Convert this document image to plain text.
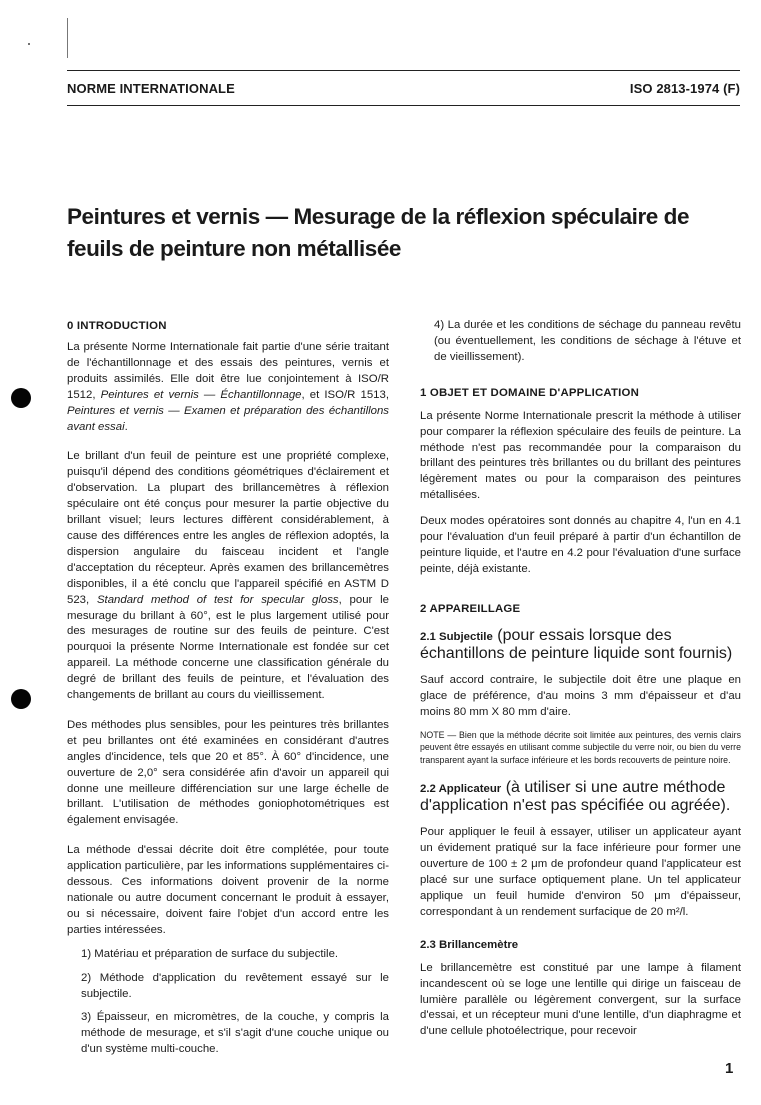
NORME INTERNATIONALE	ISO 2813-1974 (F)
Peintures et vernis — Mesurage de la réflexion spéculaire de feuils de peinture non métallisée
0 INTRODUCTION

La présente Norme Internationale fait partie d'une série traitant de l'échantillonnage et des essais des peintures, vernis et produits assimilés. Elle doit être lue conjointement à ISO/R 1512, Peintures et vernis — Échantillonnage, et ISO/R 1513, Peintures et vernis — Examen et préparation des échantillons avant essai.

Le brillant d'un feuil de peinture est une propriété complexe, puisqu'il dépend des conditions géométriques d'éclairement et d'observation. La plupart des brillancemètres à réflexion spéculaire ont été conçus pour mesurer la partie objective du brillant visuel; leurs lectures diffèrent considérablement, à cause des différences entre les angles de réflexion adoptés, la dispersion angulaire du faisceau incident et l'angle d'acceptation du récepteur. Après examen des brillancemètres disponibles, il a été conclu que l'appareil spécifié en ASTM D 523, Standard method of test for specular gloss, pour le mesurage du brillant à 60°, est le plus largement utilisé pour des mesurages de routine sur des feuils de peinture. C'est pourquoi la présente Norme Internationale est fondée sur cet appareil. La méthode concerne une classification générale du degré de brillant des feuils de peinture, et l'évaluation des changements de brillant au cours du vieillissement.

Des méthodes plus sensibles, pour les peintures très brillantes et peu brillantes ont été examinées en considérant d'autres angles d'incidence, tels que 20 et 85°. À 60° d'incidence, une ouverture de 2,0° sera considérée afin d'avoir un appareil qui donne une meilleure différenciation sur une large échelle de brillant. L'utilisation de méthodes goniophotométriques est également envisagée.

La méthode d'essai décrite doit être complétée, pour toute application particulière, par les informations supplémentaires ci-dessous. Ces informations doivent provenir de la norme nationale ou autre document concernant le produit à essayer, ou si nécessaire, doivent faire l'objet d'un accord entre les parties intéressées.

1) Matériau et préparation de surface du subjectile.

2) Méthode d'application du revêtement essayé sur le subjectile.

3) Épaisseur, en micromètres, de la couche, y compris la méthode de mesurage, et s'il s'agit d'une couche unique ou d'un système multi-couche.

4) La durée et les conditions de séchage du panneau revêtu (ou éventuellement, les conditions de séchage à l'étuve et de vieillissement).

1 OBJET ET DOMAINE D'APPLICATION

La présente Norme Internationale prescrit la méthode à utiliser pour comparer la réflexion spéculaire des feuils de peinture. La méthode n'est pas recommandée pour la comparaison du brillant des peintures très brillantes ou du brillant des peintures légèrement mates ou pour la comparaison des peintures métallisées.

Deux modes opératoires sont donnés au chapitre 4, l'un en 4.1 pour l'évaluation d'un feuil préparé à partir d'un échantillon de peinture liquide, et l'autre en 4.2 pour l'évaluation d'une surface peinte, déjà existante.

2 APPAREILLAGE

2.1 Subjectile (pour essais lorsque des échantillons de peinture liquide sont fournis)

Sauf accord contraire, le subjectile doit être une plaque en glace de préférence, d'au moins 3 mm d'épaisseur et d'au moins 80 mm X 80 mm d'aire.

NOTE — Bien que la méthode décrite soit limitée aux peintures, des vernis clairs peuvent être essayés en utilisant comme subjectile du verre noir, ou bien du verre transparent ayant la surface inférieure et les bords recouverts de peinture noire.

2.2 Applicateur (à utiliser si une autre méthode d'application n'est pas spécifiée ou agréée).

Pour appliquer le feuil à essayer, utiliser un applicateur ayant un évidement pratiqué sur la face inférieure pour former une ouverture de 100 ± 2 μm de profondeur quand l'applicateur est placé sur une surface optiquement plane. Un tel applicateur applique un feuil humide d'environ 50 μm d'épaisseur, correspondant à un rendement surfacique de 20 m²/l.

2.3 Brillancemètre

Le brillancemètre est constitué par une lampe à filament incandescent où se loge une lentille qui dirige un faisceau de lumière parallèle ou légèrement convergent, sur la surface d'essai, et un récepteur muni d'une lentille, d'un diaphragme et d'une cellule photoélectrique, pour recevoir

1
